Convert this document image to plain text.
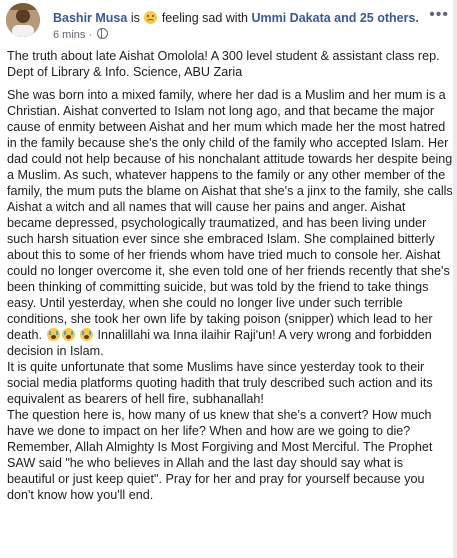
Bashir Musa is feeling sad with Ummi Dakata and 25 others.
6 mins ·
•••

The truth about late Aishat Omolola! A 300 level student & assistant class rep. Dept of Library & Info. Science, ABU Zaria

She was born into a mixed family, where her dad is a Muslim and her mum is a Christian. Aishat converted to Islam not long ago, and that became the major cause of enmity between Aishat and her mum which made her the most hatred in the family because she's the only child of the family who accepted Islam. Her dad could not help because of his nonchalant attitude towards her despite being a Muslim. As such, whatever happens to the family or any other member of the family, the mum puts the blame on Aishat that she's a jinx to the family, she calls Aishat a witch and all names that will cause her pains and anger. Aishat became depressed, psychologically traumatized, and has been living under such harsh situation ever since she embraced Islam. She complained bitterly about this to some of her friends whom have tried much to console her. Aishat could no longer overcome it, she even told one of her friends recently that she's been thinking of committing suicide, but was told by the friend to take things easy. Until yesterday, when she could no longer live under such terrible conditions, she took her own life by taking poison (snipper) which lead to her death.	Innalillahi wa Inna ilaihir Raji'un! A very wrong and forbidden decision in Islam.

It is quite unfortunate that some Muslims have since yesterday took to their social media platforms quoting hadith that truly described such action and its equivalent as bearers of hell fire, subhanallah!

The question here is, how many of us knew that she's a convert? How much have we done to impact on her life? When and how are we going to die? Remember, Allah Almighty Is Most Forgiving and Most Merciful. The Prophet SAW said "he who believes in Allah and the last day should say what is beautiful or just keep quiet". Pray for her and pray for yourself because you don't know how you'll end.
